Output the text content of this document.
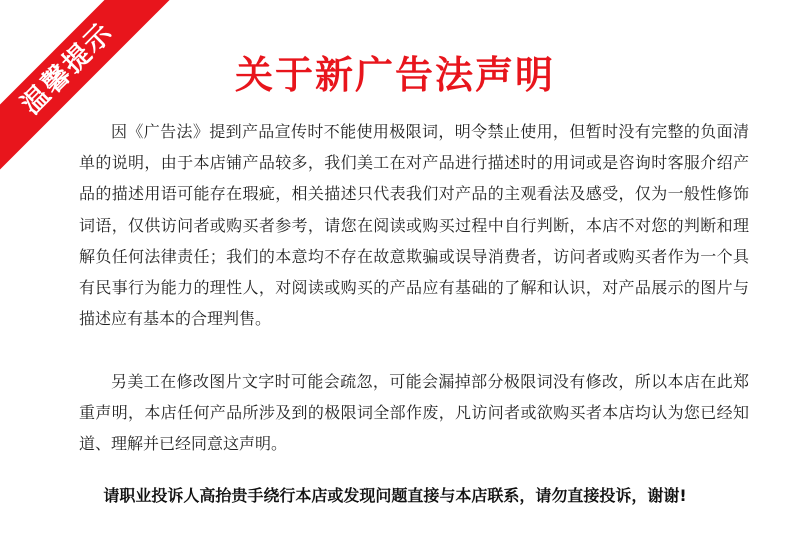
温馨提示	关于新广告法声明

因《广告法》提到产品宣传时不能使用极限词，明令禁止使用，但暂时没有完整的负面清单的说明，由于本店铺产品较多，我们美工在对产品进行描述时的用词或是咨询时客服介绍产品的描述用语可能存在瑕疵，相关描述只代表我们对产品的主观看法及感受，仅为一般性修饰词语，仅供访问者或购买者参考，请您在阅读或购买过程中自行判断，本店不对您的判断和理解负任何法律责任；我们的本意均不存在故意欺骗或误导消费者，访问者或购买者作为一个具有民事行为能力的理性人，对阅读或购买的产品应有基础的了解和认识，对产品展示的图片与描述应有基本的合理判售。

另美工在修改图片文字时可能会疏忽，可能会漏掉部分极限词没有修改，所以本店在此郑重声明，本店任何产品所涉及到的极限词全部作废，凡访问者或欲购买者本店均认为您已经知道、理解并已经同意这声明。

请职业投诉人高抬贵手绕行本店或发现问题直接与本店联系，请勿直接投诉，谢谢!
